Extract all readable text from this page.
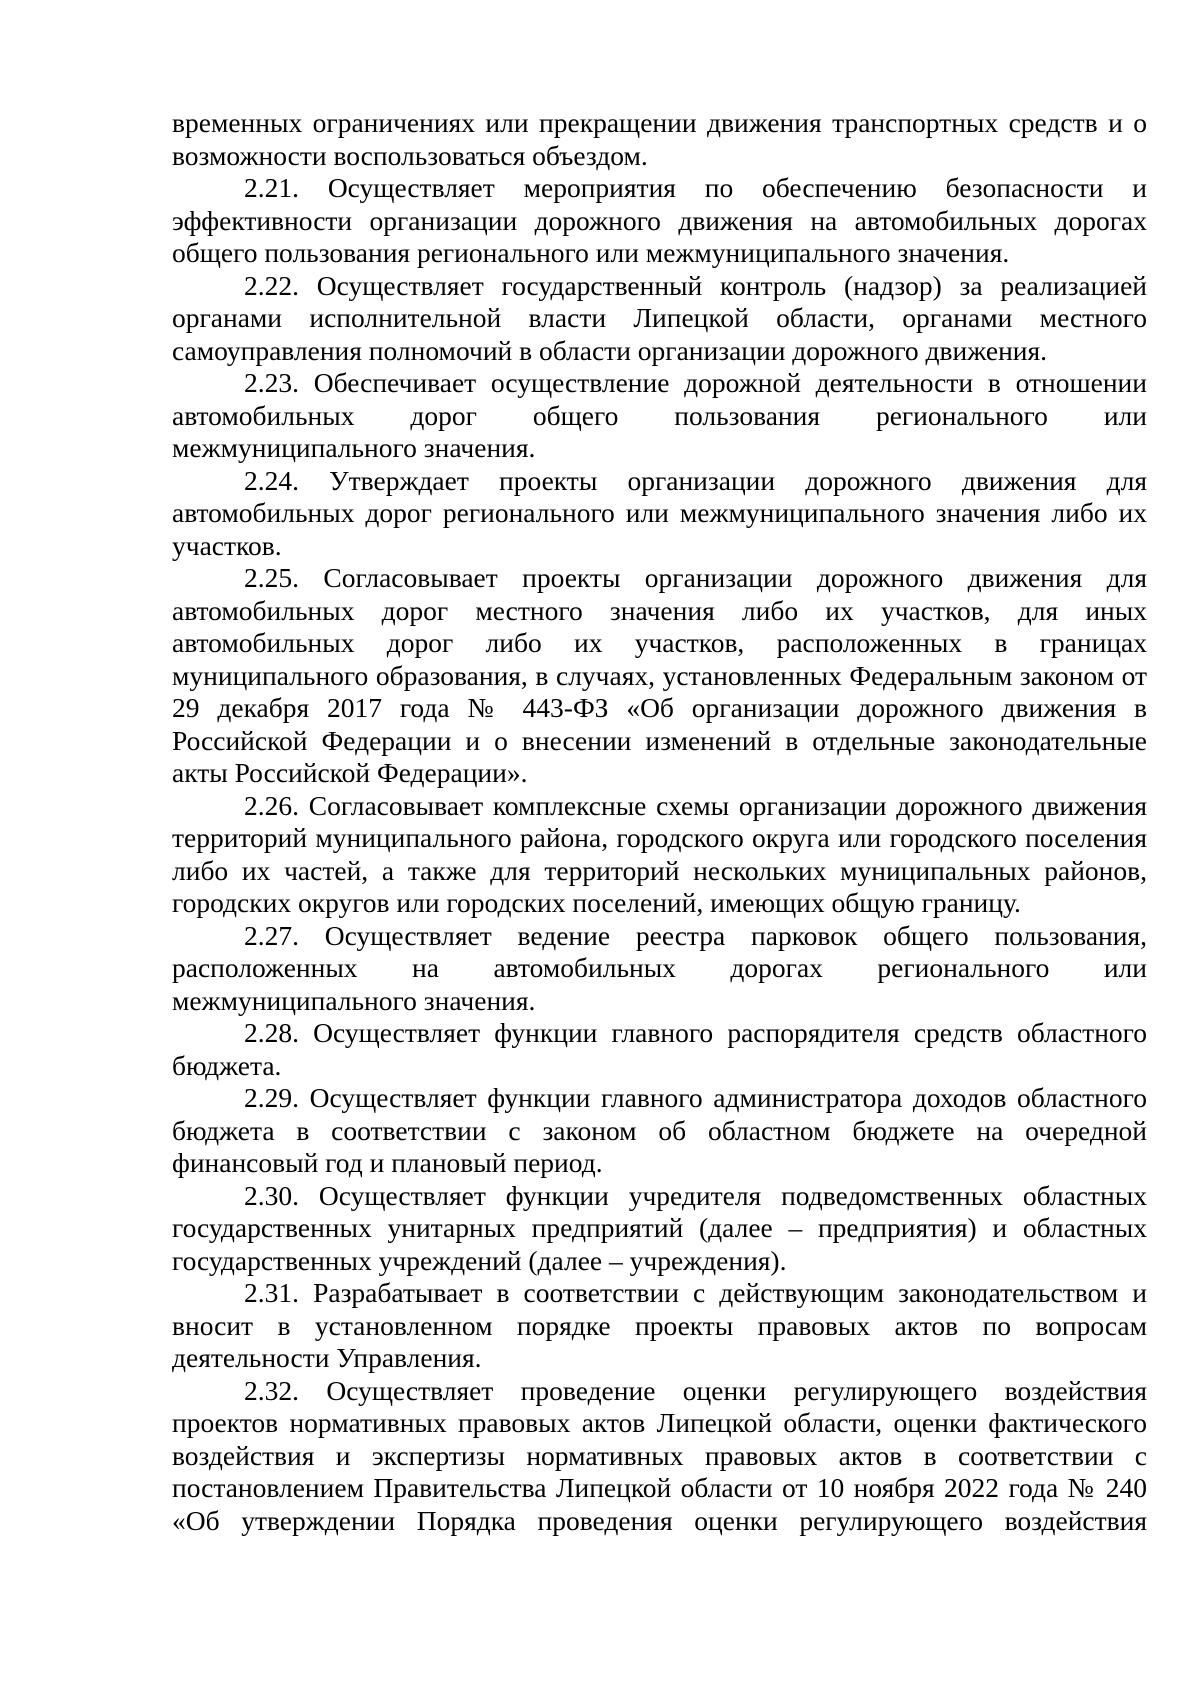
временных ограничениях или прекращении движения транспортных средств и о возможности воспользоваться объездом.

2.21. Осуществляет мероприятия по обеспечению безопасности и эффективности организации дорожного движения на автомобильных дорогах общего пользования регионального или межмуниципального значения.

2.22. Осуществляет государственный контроль (надзор) за реализацией органами исполнительной власти Липецкой области, органами местного самоуправления полномочий в области организации дорожного движения.

2.23. Обеспечивает осуществление дорожной деятельности в отношении автомобильных дорог общего пользования регионального или межмуниципального значения.

2.24. Утверждает проекты организации дорожного движения для автомобильных дорог регионального или межмуниципального значения либо их участков.

2.25. Согласовывает проекты организации дорожного движения для автомобильных дорог местного значения либо их участков, для иных автомобильных дорог либо их участков, расположенных в границах муниципального образования, в случаях, установленных Федеральным законом от 29 декабря 2017 года № 443-ФЗ «Об организации дорожного движения в Российской Федерации и о внесении изменений в отдельные законодательные акты Российской Федерации».

2.26. Согласовывает комплексные схемы организации дорожного движения территорий муниципального района, городского округа или городского поселения либо их частей, а также для территорий нескольких муниципальных районов, городских округов или городских поселений, имеющих общую границу.

2.27. Осуществляет ведение реестра парковок общего пользования, расположенных на автомобильных дорогах регионального или межмуниципального значения.

2.28. Осуществляет функции главного распорядителя средств областного бюджета.

2.29. Осуществляет функции главного администратора доходов областного бюджета в соответствии с законом об областном бюджете на очередной финансовый год и плановый период.

2.30. Осуществляет функции учредителя подведомственных областных государственных унитарных предприятий (далее – предприятия) и областных государственных учреждений (далее – учреждения).

2.31. Разрабатывает в соответствии с действующим законодательством и вносит в установленном порядке проекты правовых актов по вопросам деятельности Управления.

2.32. Осуществляет проведение оценки регулирующего воздействия проектов нормативных правовых актов Липецкой области, оценки фактического воздействия и экспертизы нормативных правовых актов в соответствии с постановлением Правительства Липецкой области от 10 ноября 2022 года № 240 «Об утверждении Порядка проведения оценки регулирующего воздействия
